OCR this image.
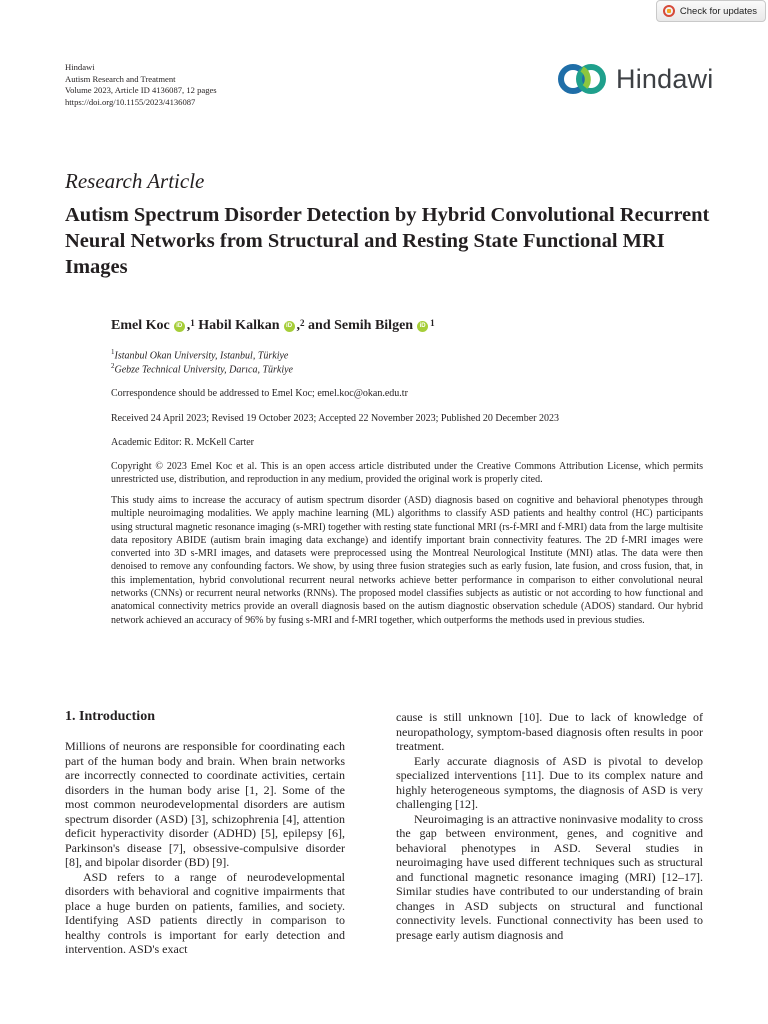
Check for updates
Hindawi
Autism Research and Treatment
Volume 2023, Article ID 4136087, 12 pages
https://doi.org/10.1155/2023/4136087
Hindawi
Research Article
Autism Spectrum Disorder Detection by Hybrid Convolutional Recurrent Neural Networks from Structural and Resting State Functional MRI Images
Emel Koc	iD ,$^1$
Habil Kalkan	iD ,$^2$
and
Semih Bilgen	iD $^1$
$^1$Istanbul Okan University, Istanbul, Türkiye
$^2$Gebze Technical University, Darıca, Türkiye
Correspondence should be addressed to Emel Koc; emel.koc@okan.edu.tr
Received 24 April 2023; Revised 19 October 2023; Accepted 22 November 2023; Published 20 December 2023
Academic Editor: R. McKell Carter
Copyright © 2023 Emel Koc et al. This is an open access article distributed under the Creative Commons Attribution License, which permits unrestricted use, distribution, and reproduction in any medium, provided the original work is properly cited.
This study aims to increase the accuracy of autism spectrum disorder (ASD) diagnosis based on cognitive and behavioral phenotypes through multiple neuroimaging modalities. We apply machine learning (ML) algorithms to classify ASD patients and healthy control (HC) participants using structural magnetic resonance imaging (s-MRI) together with resting state functional MRI (rs-f-MRI and f-MRI) data from the large multisite data repository ABIDE (autism brain imaging data exchange) and identify important brain connectivity features. The 2D f-MRI images were converted into 3D s-MRI images, and datasets were preprocessed using the Montreal Neurological Institute (MNI) atlas. The data were then denoised to remove any confounding factors. We show, by using three fusion strategies such as early fusion, late fusion, and cross fusion, that, in this implementation, hybrid convolutional recurrent neural networks achieve better performance in comparison to either convolutional neural networks (CNNs) or recurrent neural networks (RNNs). The proposed model classifies subjects as autistic or not according to how functional and anatomical connectivity metrics provide an overall diagnosis based on the autism diagnostic observation schedule (ADOS) standard. Our hybrid network achieved an accuracy of 96% by fusing s-MRI and f-MRI together, which outperforms the methods used in previous studies.
1. Introduction

Millions of neurons are responsible for coordinating each part of the human body and brain. When brain networks are incorrectly connected to coordinate activities, certain disorders in the human body arise [1, 2]. Some of the most common neurodevelopmental disorders are autism spectrum disorder (ASD) [3], schizophrenia [4], attention deficit hyperactivity disorder (ADHD) [5], epilepsy [6], Parkinson's disease [7], obsessive-compulsive disorder [8], and bipolar disorder (BD) [9].

ASD refers to a range of neurodevelopmental disorders with behavioral and cognitive impairments that place a huge burden on patients, families, and society. Identifying ASD patients directly in comparison to healthy controls is important for early detection and intervention. ASD's exact

cause is still unknown [10]. Due to lack of knowledge of neuropathology, symptom-based diagnosis often results in poor treatment.

Early accurate diagnosis of ASD is pivotal to develop specialized interventions [11]. Due to its complex nature and highly heterogeneous symptoms, the diagnosis of ASD is very challenging [12].

Neuroimaging is an attractive noninvasive modality to cross the gap between environment, genes, and cognitive and behavioral phenotypes in ASD. Several studies in neuroimaging have used different techniques such as structural and functional magnetic resonance imaging (MRI) [12–17]. Similar studies have contributed to our understanding of brain changes in ASD subjects on structural and functional connectivity levels. Functional connectivity has been used to presage early autism diagnosis and
